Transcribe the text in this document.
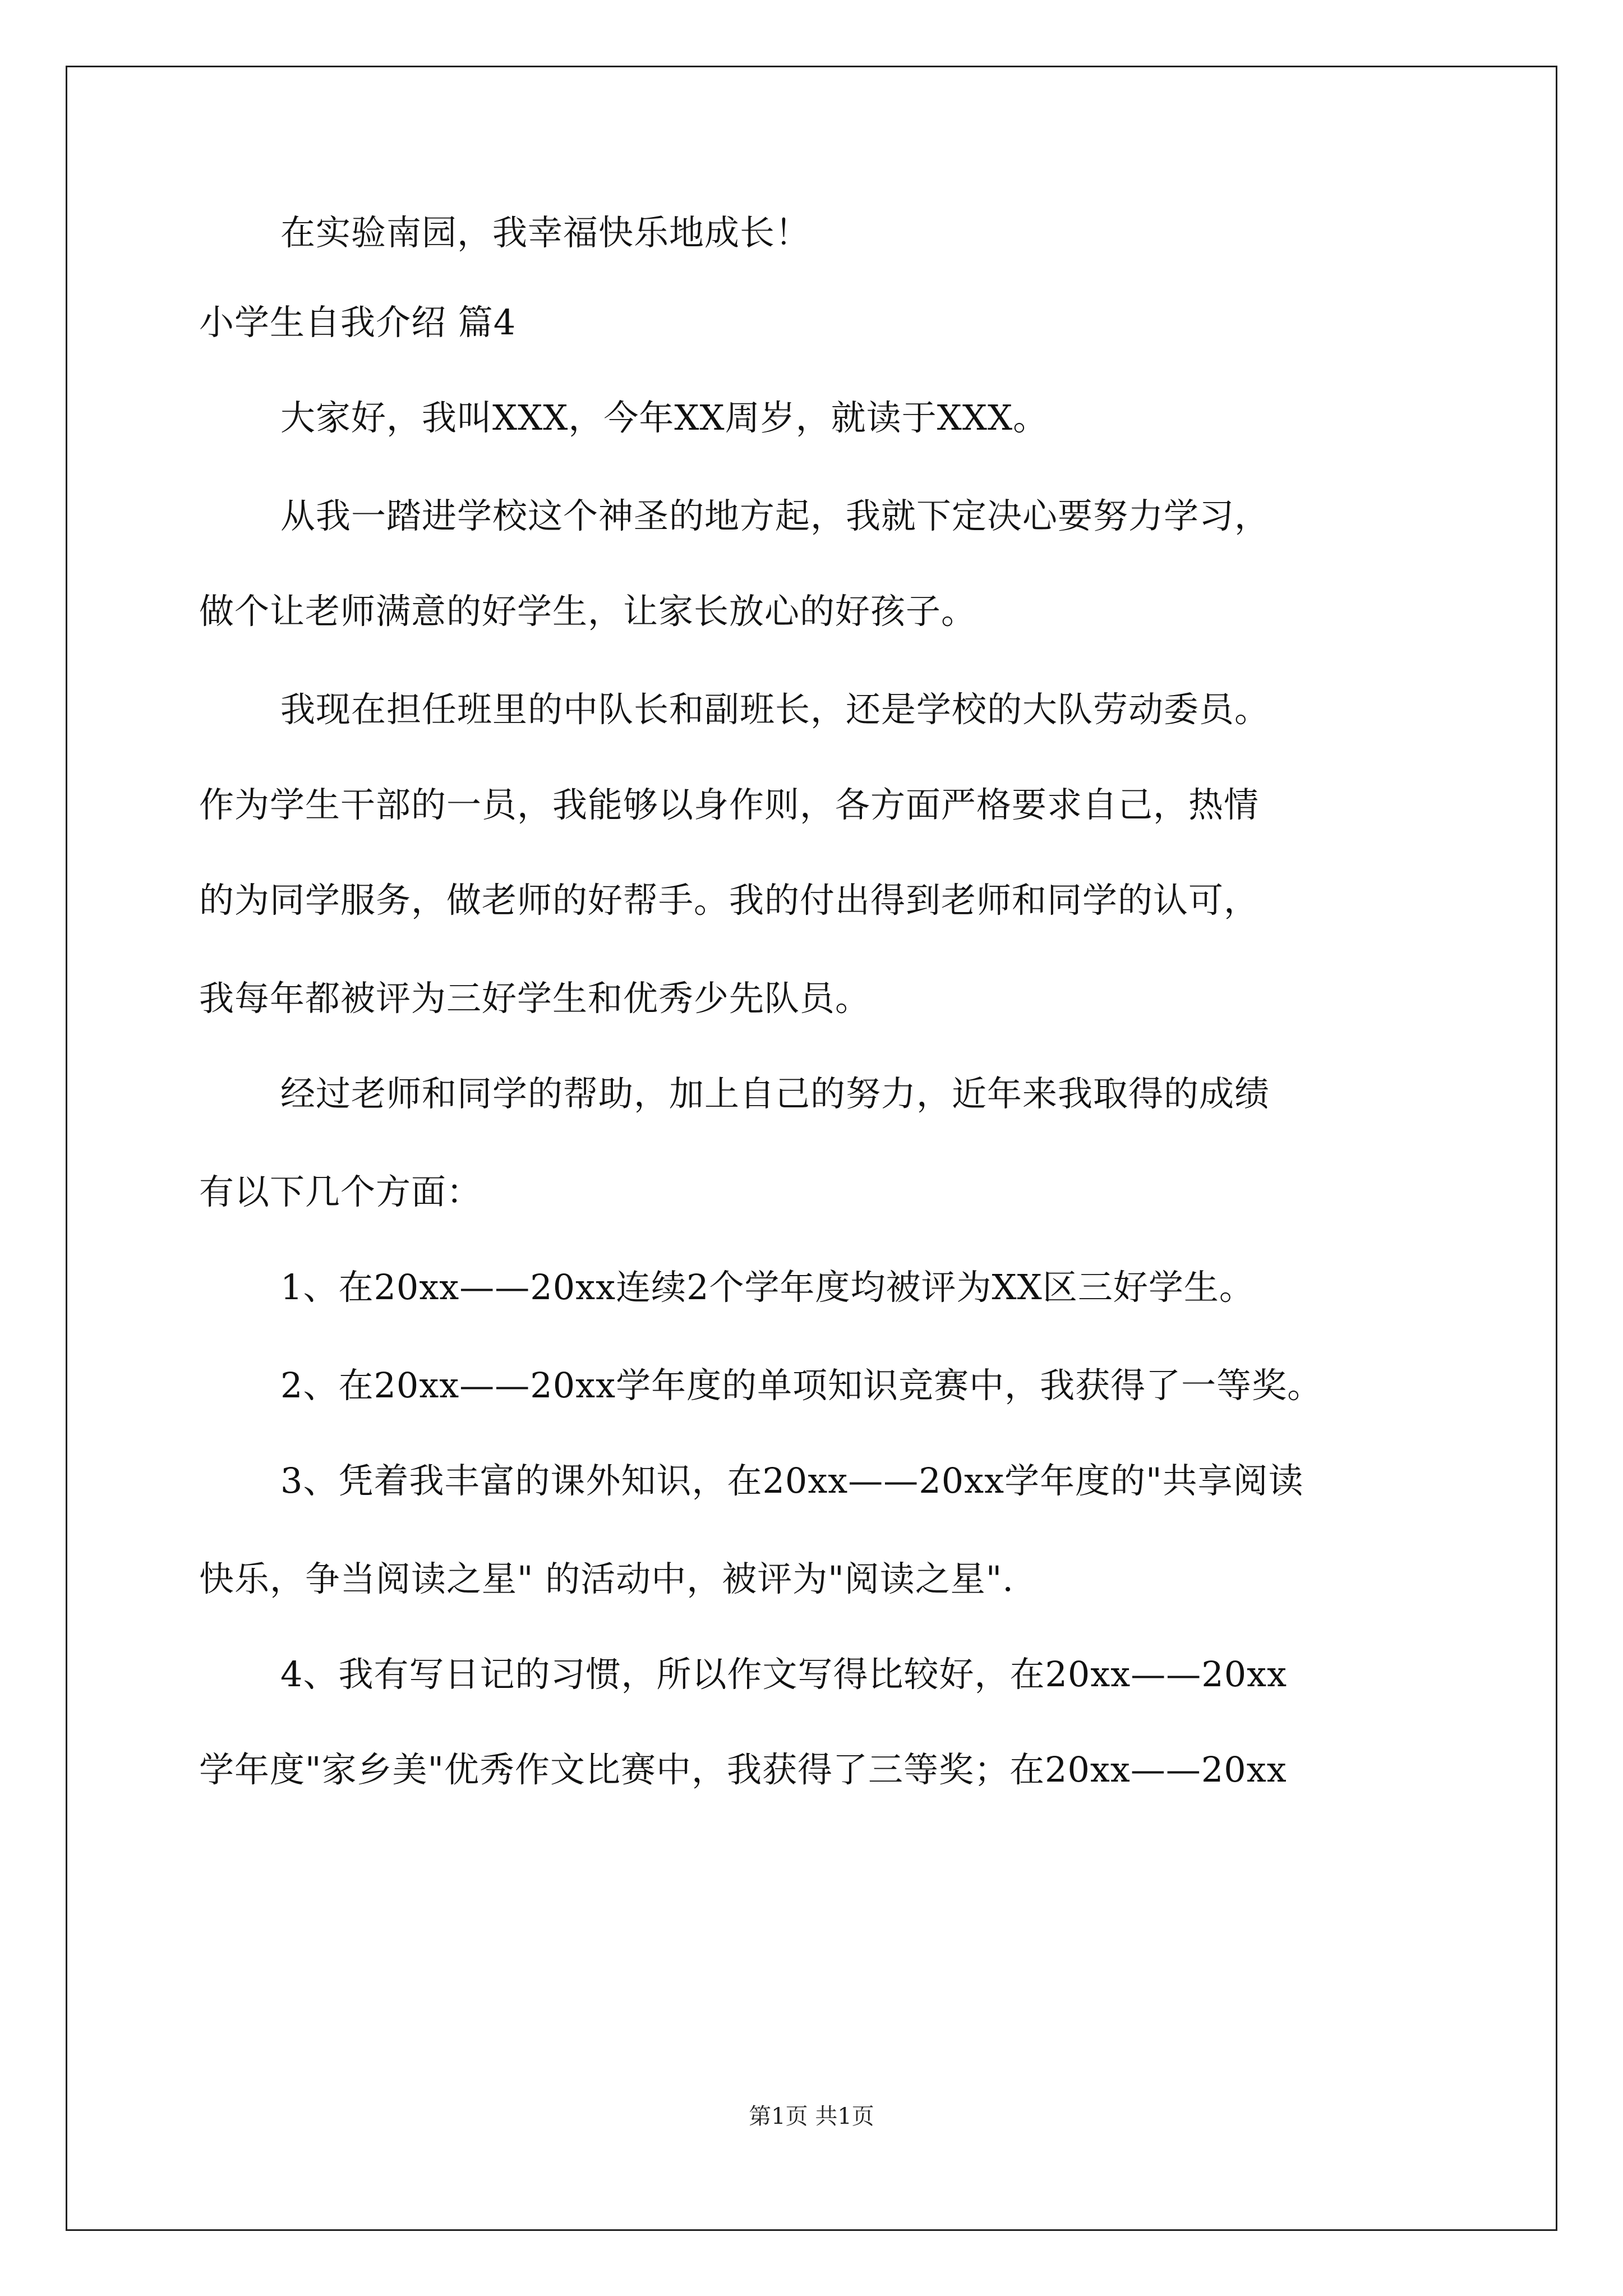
在实验南园，我幸福快乐地成长！
小学生自我介绍 篇4
大家好，我叫XXX，今年XX周岁，就读于XXX。
从我一踏进学校这个神圣的地方起，我就下定决心要努力学习，
做个让老师满意的好学生，让家长放心的好孩子。
我现在担任班里的中队长和副班长，还是学校的大队劳动委员。
作为学生干部的一员，我能够以身作则，各方面严格要求自己，热情
的为同学服务，做老师的好帮手。我的付出得到老师和同学的认可，
我每年都被评为三好学生和优秀少先队员。
经过老师和同学的帮助，加上自己的努力，近年来我取得的成绩
有以下几个方面：
1、在20xx——20xx连续2个学年度均被评为XX区三好学生。
2、在20xx——20xx学年度的单项知识竞赛中，我获得了一等奖。
3、凭着我丰富的课外知识，在20xx——20xx学年度的"共享阅读
快乐，争当阅读之星" 的活动中，被评为"阅读之星".
4、我有写日记的习惯，所以作文写得比较好，在20xx——20xx
学年度"家乡美"优秀作文比赛中，我获得了三等奖；在20xx——20xx
第1页 共1页
